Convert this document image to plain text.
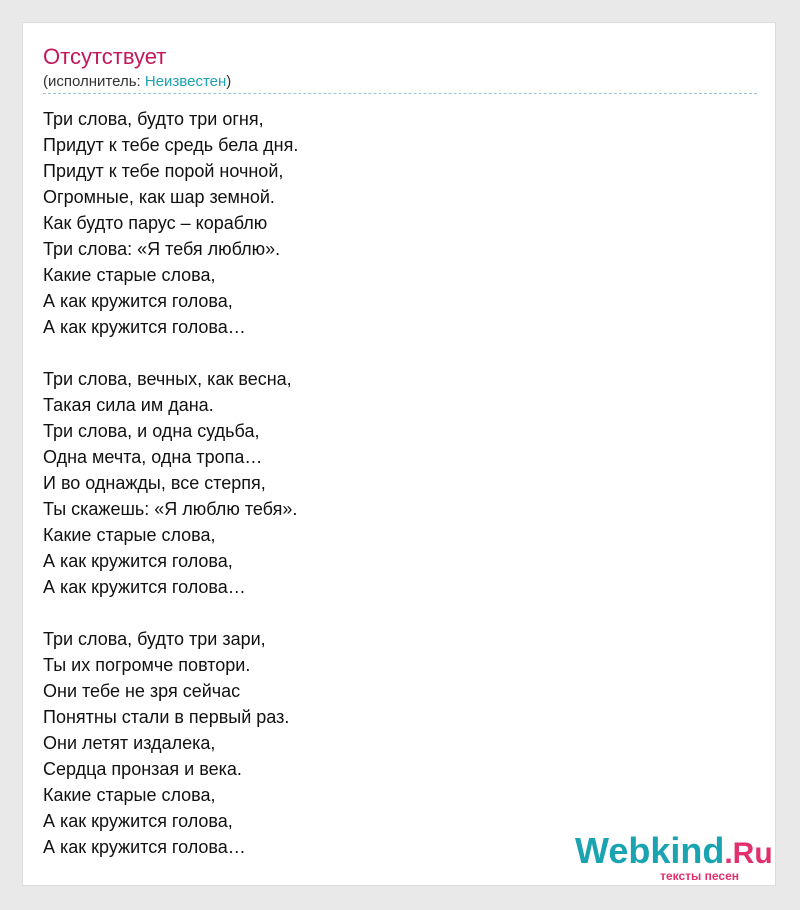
Отсутствует
(исполнитель: Неизвестен)
Три слова, будто три огня,
Придут к тебе средь бела дня.
Придут к тебе порой ночной,
Огромные, как шар земной.
Как будто парус – кораблю
Три слова: «Я тебя люблю».
Какие старые слова,
А как кружится голова,
А как кружится голова…
Три слова, вечных, как весна,
Такая сила им дана.
Три слова, и одна судьба,
Одна мечта, одна тропа…
И во однажды, все стерпя,
Ты скажешь: «Я люблю тебя».
Какие старые слова,
А как кружится голова,
А как кружится голова…
Три слова, будто три зари,
Ты их погромче повтори.
Они тебе не зря сейчас
Понятны стали в первый раз.
Они летят издалека,
Сердца пронзая и века.
Какие старые слова,
А как кружится голова,
А как кружится голова…	Webkind.Ru
тексты песен
